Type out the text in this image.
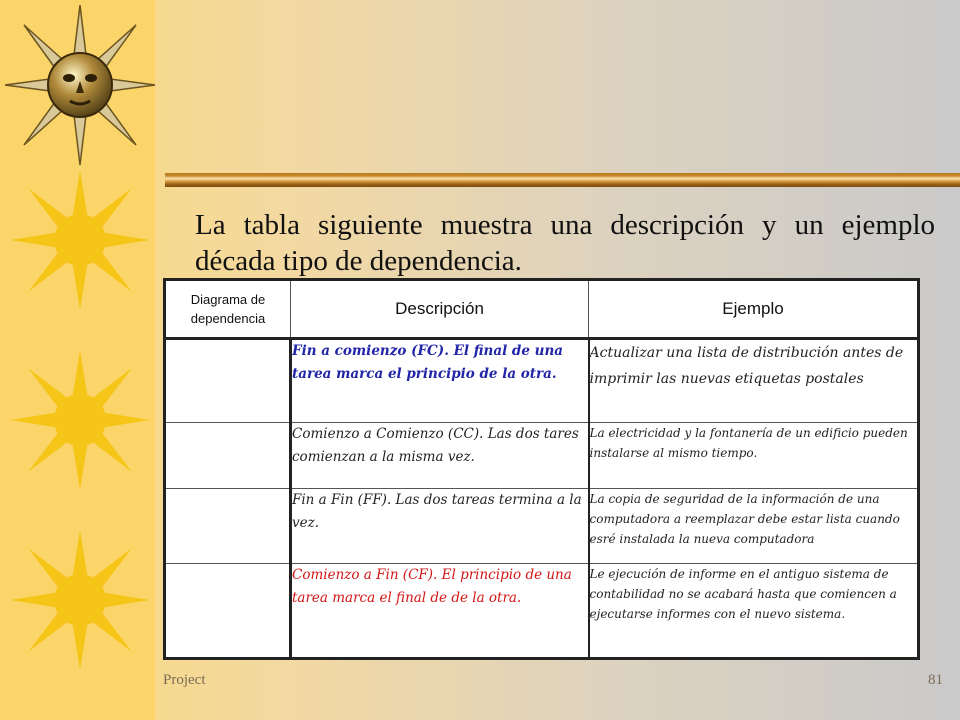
La tabla siguiente muestra una descripción y un ejemplo década tipo de dependencia.
Diagrama de dependencia	Descripción	Ejemplo
	Fin a comienzo (FC). El final de una tarea marca el principio de la otra.	Actualizar una lista de distribución antes de imprimir las nuevas etiquetas postales
	Comienzo a Comienzo (CC). Las dos tares comienzan a la misma vez.	La electricidad y la fontanería de un edificio pueden instalarse al mismo tiempo.
	Fin a Fin (FF). Las dos tareas termina a la vez.	La copia de seguridad de la información de una computadora a reemplazar debe estar lista cuando esré instalada la nueva computadora
	Comienzo a Fin (CF). El principio de una tarea marca el final de de la otra.	Le ejecución de informe en el antiguo sistema de contabilidad no se acabará hasta que comiencen a ejecutarse informes con el nuevo sistema.
Project	81
